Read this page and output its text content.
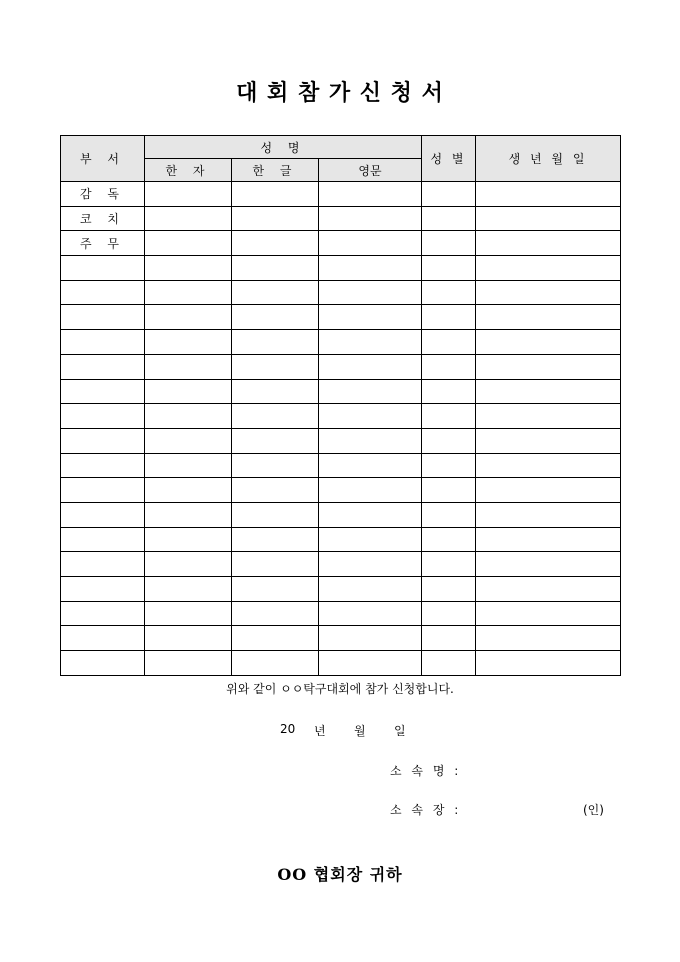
대 회 참 가 신 청 서
부 서	성 명			성 별	생 년 월 일
	한 자	한 글	영문		
감 독					
코 치					
주 무					

위와 같이 ㅇㅇ탁구대회에 참가 신청합니다.
20	년	월	일
소 속 명 :
소 속 장 :	(인)
OO 협회장 귀하
